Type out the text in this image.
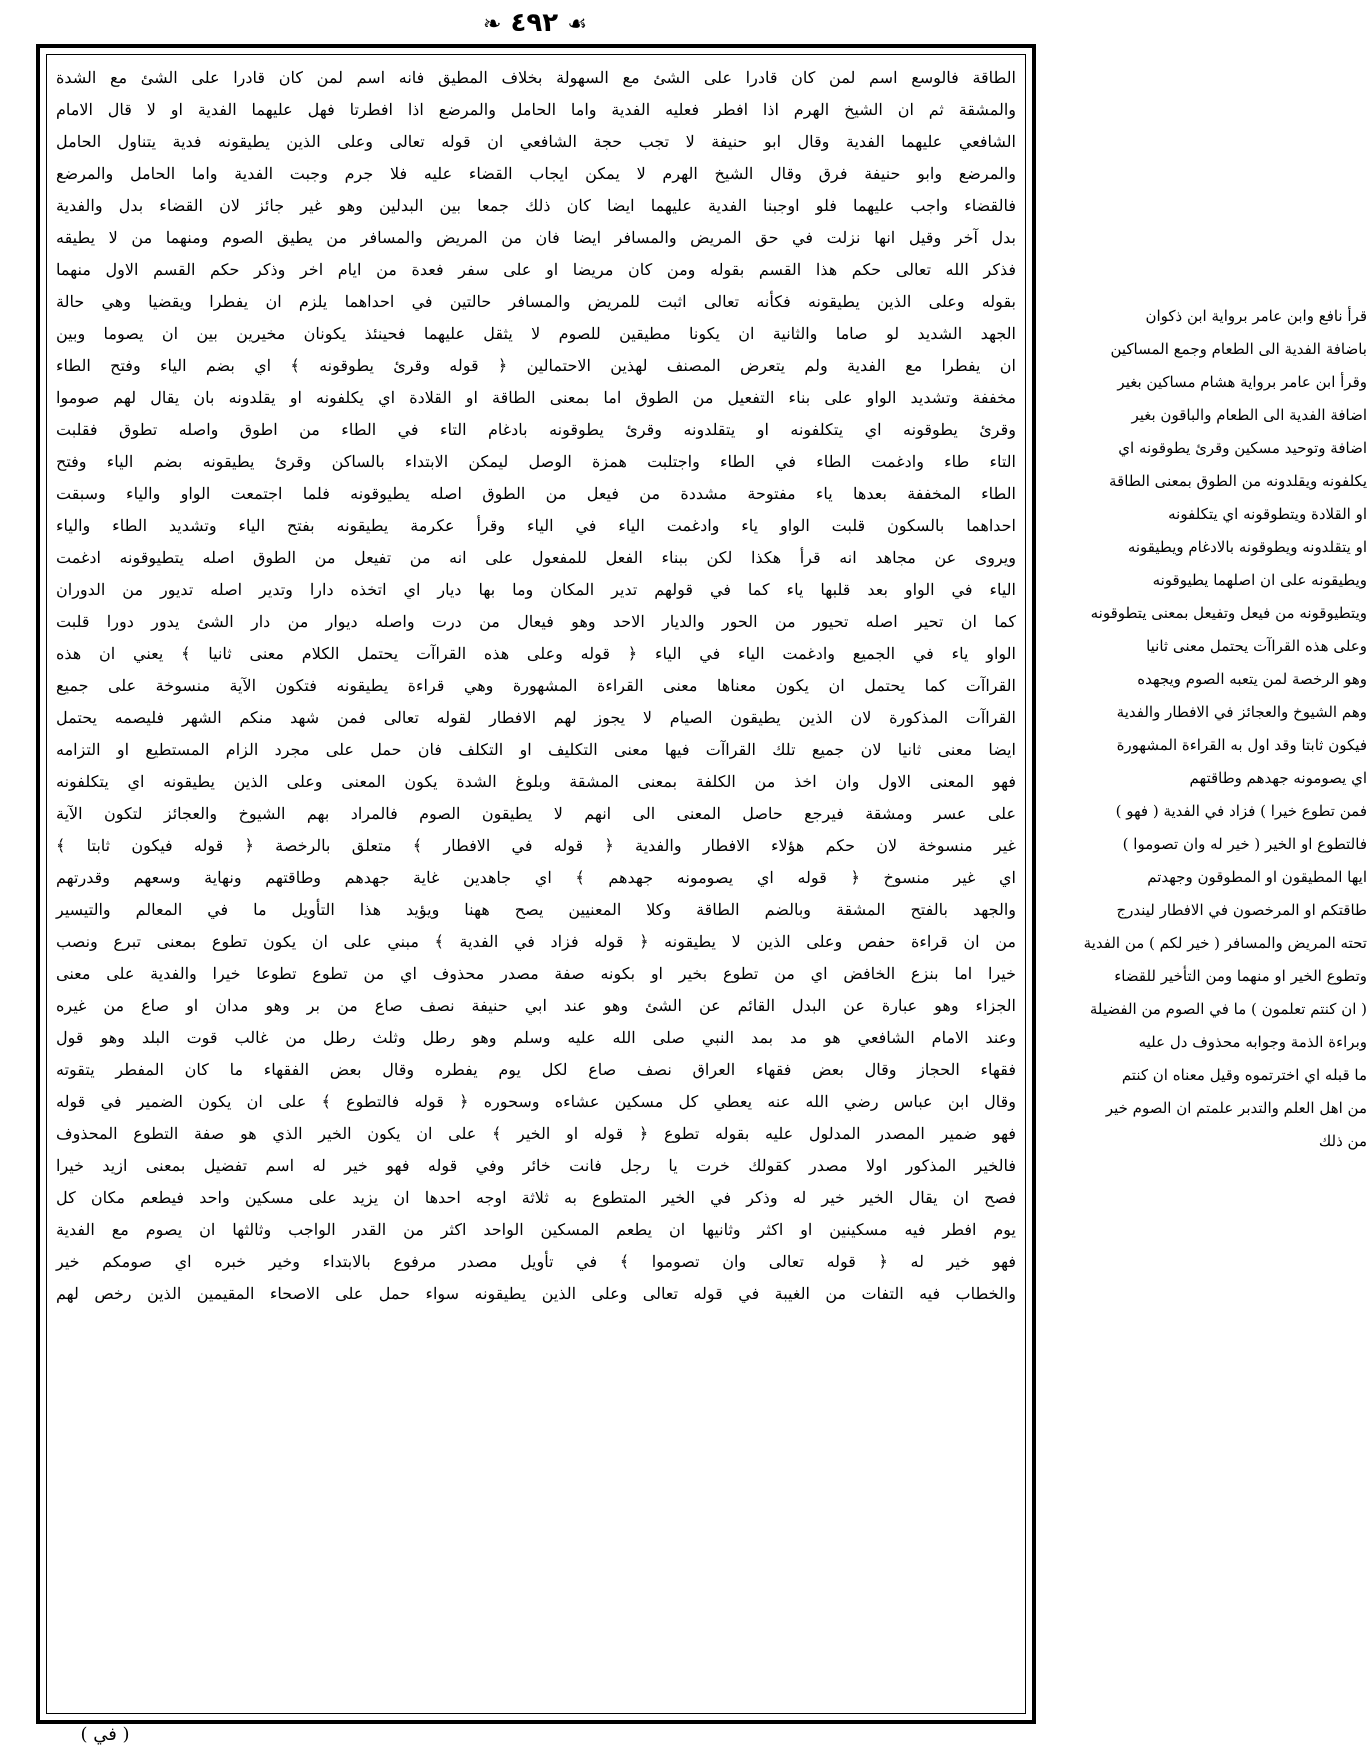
❧ ٤٩٢ ☙
الطاقة فالوسع اسم لمن كان قادرا على الشئ مع السهولة بخلاف المطيق فانه اسم لمن كان قادرا على الشئ مع الشدة
والمشقة ثم ان الشيخ الهرم اذا افطر فعليه الفدية واما الحامل والمرضع اذا افطرتا فهل عليهما الفدية او لا قال الامام
الشافعي عليهما الفدية وقال ابو حنيفة لا تجب حجة الشافعي ان قوله تعالى وعلى الذين يطيقونه فدية يتناول الحامل
والمرضع وابو حنيفة فرق وقال الشيخ الهرم لا يمكن ايجاب القضاء عليه فلا جرم وجبت الفدية واما الحامل والمرضع
فالقضاء واجب عليهما فلو اوجبنا الفدية عليهما ايضا كان ذلك جمعا بين البدلين وهو غير جائز لان القضاء بدل والفدية
بدل آخر وقيل انها نزلت في حق المريض والمسافر ايضا فان من المريض والمسافر من يطيق الصوم ومنهما من لا يطيقه
فذكر الله تعالى حكم هذا القسم بقوله ومن كان مريضا او على سفر فعدة من ايام اخر وذكر حكم القسم الاول منهما
بقوله وعلى الذين يطيقونه فكأنه تعالى اثبت للمريض والمسافر حالتين في احداهما يلزم ان يفطرا ويقضيا وهي حالة
الجهد الشديد لو صاما والثانية ان يكونا مطيقين للصوم لا يثقل عليهما فحينئذ يكونان مخيرين بين ان يصوما وبين
ان يفطرا مع الفدية ولم يتعرض المصنف لهذين الاحتمالين ﴿ قوله وقرئ يطوقونه ﴾ اي بضم الياء وفتح الطاء
مخففة وتشديد الواو على بناء التفعيل من الطوق اما بمعنى الطاقة او القلادة اي يكلفونه او يقلدونه بان يقال لهم صوموا
وقرئ يطوقونه اي يتكلفونه او يتقلدونه وقرئ يطوقونه بادغام التاء في الطاء من اطوق واصله تطوق فقلبت
التاء طاء وادغمت الطاء في الطاء واجتلبت همزة الوصل ليمكن الابتداء بالساكن وقرئ يطيقونه بضم الياء وفتح
الطاء المخففة بعدها ياء مفتوحة مشددة من فيعل من الطوق اصله يطيوقونه فلما اجتمعت الواو والياء وسبقت
احداهما بالسكون قلبت الواو ياء وادغمت الياء في الياء وقرأ عكرمة يطيقونه بفتح الياء وتشديد الطاء والياء
ويروى عن مجاهد انه قرأ هكذا لكن ببناء الفعل للمفعول على انه من تفيعل من الطوق اصله يتطيوقونه ادغمت
الياء في الواو بعد قلبها ياء كما في قولهم تدير المكان وما بها ديار اي اتخذه دارا وتدير اصله تديور من الدوران
كما ان تحير اصله تحيور من الحور والديار الاحد وهو فيعال من درت واصله ديوار من دار الشئ يدور دورا قلبت
الواو ياء في الجميع وادغمت الياء في الياء ﴿ قوله وعلى هذه القراآت يحتمل الكلام معنى ثانيا ﴾ يعني ان هذه
القراآت كما يحتمل ان يكون معناها معنى القراءة المشهورة وهي قراءة يطيقونه فتكون الآية منسوخة على جميع
القراآت المذكورة لان الذين يطيقون الصيام لا يجوز لهم الافطار لقوله تعالى فمن شهد منكم الشهر فليصمه يحتمل
ايضا معنى ثانيا لان جميع تلك القراآت فيها معنى التكليف او التكلف فان حمل على مجرد الزام المستطيع او التزامه
فهو المعنى الاول وان اخذ من الكلفة بمعنى المشقة وبلوغ الشدة يكون المعنى وعلى الذين يطيقونه اي يتكلفونه
على عسر ومشقة فيرجع حاصل المعنى الى انهم لا يطيقون الصوم فالمراد بهم الشيوخ والعجائز لتكون الآية
غير منسوخة لان حكم هؤلاء الافطار والفدية ﴿ قوله في الافطار ﴾ متعلق بالرخصة ﴿ قوله فيكون ثابتا ﴾
اي غير منسوخ ﴿ قوله اي يصومونه جهدهم ﴾ اي جاهدين غاية جهدهم وطاقتهم ونهاية وسعهم وقدرتهم
والجهد بالفتح المشقة وبالضم الطاقة وكلا المعنيين يصح ههنا ويؤيد هذا التأويل ما في المعالم والتيسير
من ان قراءة حفص وعلى الذين لا يطيقونه ﴿ قوله فزاد في الفدية ﴾ مبني على ان يكون تطوع بمعنى تبرع ونصب
خيرا اما بنزع الخافض اي من تطوع بخير او بكونه صفة مصدر محذوف اي من تطوع تطوعا خيرا والفدية على معنى
الجزاء وهو عبارة عن البدل القائم عن الشئ وهو عند ابي حنيفة نصف صاع من بر وهو مدان او صاع من غيره
وعند الامام الشافعي هو مد بمد النبي صلى الله عليه وسلم وهو رطل وثلث رطل من غالب قوت البلد وهو قول
فقهاء الحجاز وقال بعض فقهاء العراق نصف صاع لكل يوم يفطره وقال بعض الفقهاء ما كان المفطر يتقوته
وقال ابن عباس رضي الله عنه يعطي كل مسكين عشاءه وسحوره ﴿ قوله فالتطوع ﴾ على ان يكون الضمير في قوله
فهو ضمير المصدر المدلول عليه بقوله تطوع ﴿ قوله او الخير ﴾ على ان يكون الخير الذي هو صفة التطوع المحذوف
فالخير المذكور اولا مصدر كقولك خرت يا رجل فانت خائر وفي قوله فهو خير له اسم تفضيل بمعنى ازيد خيرا
فصح ان يقال الخير خير له وذكر في الخير المتطوع به ثلاثة اوجه احدها ان يزيد على مسكين واحد فيطعم مكان كل
يوم افطر فيه مسكينين او اكثر وثانيها ان يطعم المسكين الواحد اكثر من القدر الواجب وثالثها ان يصوم مع الفدية
فهو خير له ﴿ قوله تعالى وان تصوموا ﴾ في تأويل مصدر مرفوع بالابتداء وخير خبره اي صومكم خير
والخطاب فيه التفات من الغيبة في قوله تعالى وعلى الذين يطيقونه سواء حمل على الاصحاء المقيمين الذين رخص لهم
قرأ نافع وابن عامر برواية ابن ذكوان
باضافة الفدية الى الطعام وجمع المساكين
وقرأ ابن عامر برواية هشام مساكين بغير
اضافة الفدية الى الطعام والباقون بغير
اضافة وتوحيد مسكين وقرئ يطوقونه اي
يكلفونه ويقلدونه من الطوق بمعنى الطاقة
او القلادة ويتطوقونه اي يتكلفونه
او يتقلدونه ويطوقونه بالادغام ويطيقونه
ويطيقونه على ان اصلهما يطيوقونه
ويتطيوقونه من فيعل وتفيعل بمعنى يتطوقونه
وعلى هذه القراآت يحتمل معنى ثانيا
وهو الرخصة لمن يتعبه الصوم ويجهده
وهم الشيوخ والعجائز في الافطار والفدية
فيكون ثابتا وقد اول به القراءة المشهورة
اي يصومونه جهدهم وطاقتهم
فمن تطوع خيرا ) فزاد في الفدية ( فهو )
فالتطوع او الخير ( خير له وان تصوموا )
ايها المطيقون او المطوقون وجهدتم
طاقتكم او المرخصون في الافطار ليندرج
تحته المريض والمسافر ( خير لكم ) من الفدية
وتطوع الخير او منهما ومن التأخير للقضاء
( ان كنتم تعلمون ) ما في الصوم من الفضيلة
وبراءة الذمة وجوابه محذوف دل عليه
ما قبله اي اخترتموه وقيل معناه ان كنتم
من اهل العلم والتدبر علمتم ان الصوم خير
من ذلك
( في )
